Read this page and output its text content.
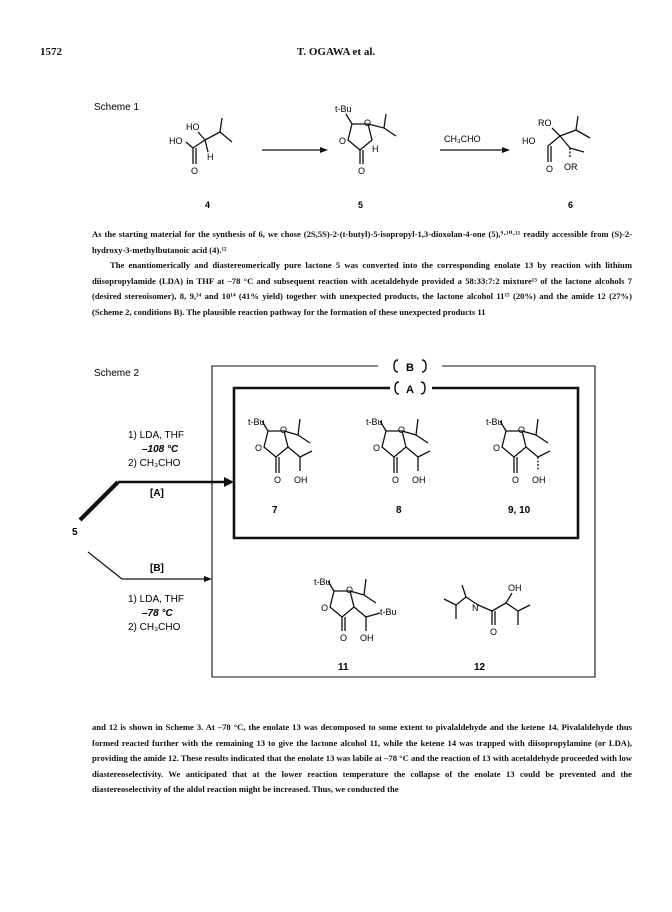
1572	T. OGAWA et al.
Scheme 1
HO
HO
H
O
4
t-Bu
O
O
H
O
5
CH₃CHO
RO
HO
O OR
6

As the starting material for the synthesis of 6, we chose (2S,5S)-2-(t-butyl)-5-isopropyl-1,3-dioxolan-4-one (5),⁹·¹⁰·¹¹ readily accessible from (S)-2-hydroxy-3-methylbutanoic acid (4).¹²

The enantiomerically and diastereomerically pure lactone 5 was converted into the corresponding enolate 13 by reaction with lithium diisopropylamide (LDA) in THF at –78 °C and subsequent reaction with acetaldehyde provided a 58:33:7:2 mixture¹³ of the lactone alcohols 7 (desired stereoisomer), 8, 9,¹⁴ and 10¹⁴ (41% yield) together with unexpected products, the lactone alcohol 11¹⁵ (20%) and the amide 12 (27%) (Scheme 2, conditions B). The plausible reaction pathway for the formation of these unexpected products 11

Scheme 2	B
A
1) LDA, THF
–108 °C
2) CH₃CHO
[A]
5
[B]
1) LDA, THF
–78 °C
2) CH₃CHO
t-Bu
O
O
O OH
7
t-Bu
O
O
O OH
8
t-Bu
O
O
O OH
9, 10
t-Bu
O
O	t-Bu
O OH
11
N
OH
O
12

and 12 is shown in Scheme 3. At –78 °C, the enolate 13 was decomposed to some extent to pivalaldehyde and the ketene 14. Pivalaldehyde thus formed reacted further with the remaining 13 to give the lactone alcohol 11, while the ketene 14 was trapped with diisopropylamine (or LDA), providing the amide 12. These results indicated that the enolate 13 was labile at –78 °C and the reaction of 13 with acetaldehyde proceeded with low diastereoselectivity. We anticipated that at the lower reaction temperature the collapse of the enolate 13 could be prevented and the diastereoselectivity of the aldol reaction might be increased. Thus, we conducted the
